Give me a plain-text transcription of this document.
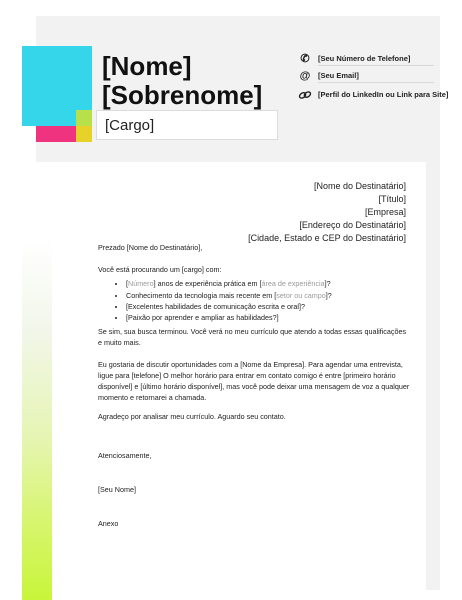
[Nome]
[Sobrenome]
[Cargo]
✆	[Seu Número de Telefone]
@ [Seu Email]
[Perfil do LinkedIn ou Link para Site]
[Nome do Destinatário]
[Título]
[Empresa]
[Endereço do Destinatário]
[Cidade, Estado e CEP do Destinatário]

Prezado [Nome do Destinatário],

Você está procurando um [cargo] com:

• [Número] anos de experiência prática em [área de experiência]?
• Conhecimento da tecnologia mais recente em [setor ou campo]?
• [Excelentes habilidades de comunicação escrita e oral]?
• [Paixão por aprender e ampliar as habilidades?]

Se sim, sua busca terminou. Você verá no meu currículo que atendo a todas essas qualificações e muito mais.

Eu gostaria de discutir oportunidades com a [Nome da Empresa]. Para agendar uma entrevista, ligue para [telefone] O melhor horário para entrar em contato comigo é entre [primeiro horário disponível] e [último horário disponível], mas você pode deixar uma mensagem de voz a qualquer momento e retornarei a chamada.

Agradeço por analisar meu currículo. Aguardo seu contato.

Atenciosamente,

[Seu Nome]

Anexo
